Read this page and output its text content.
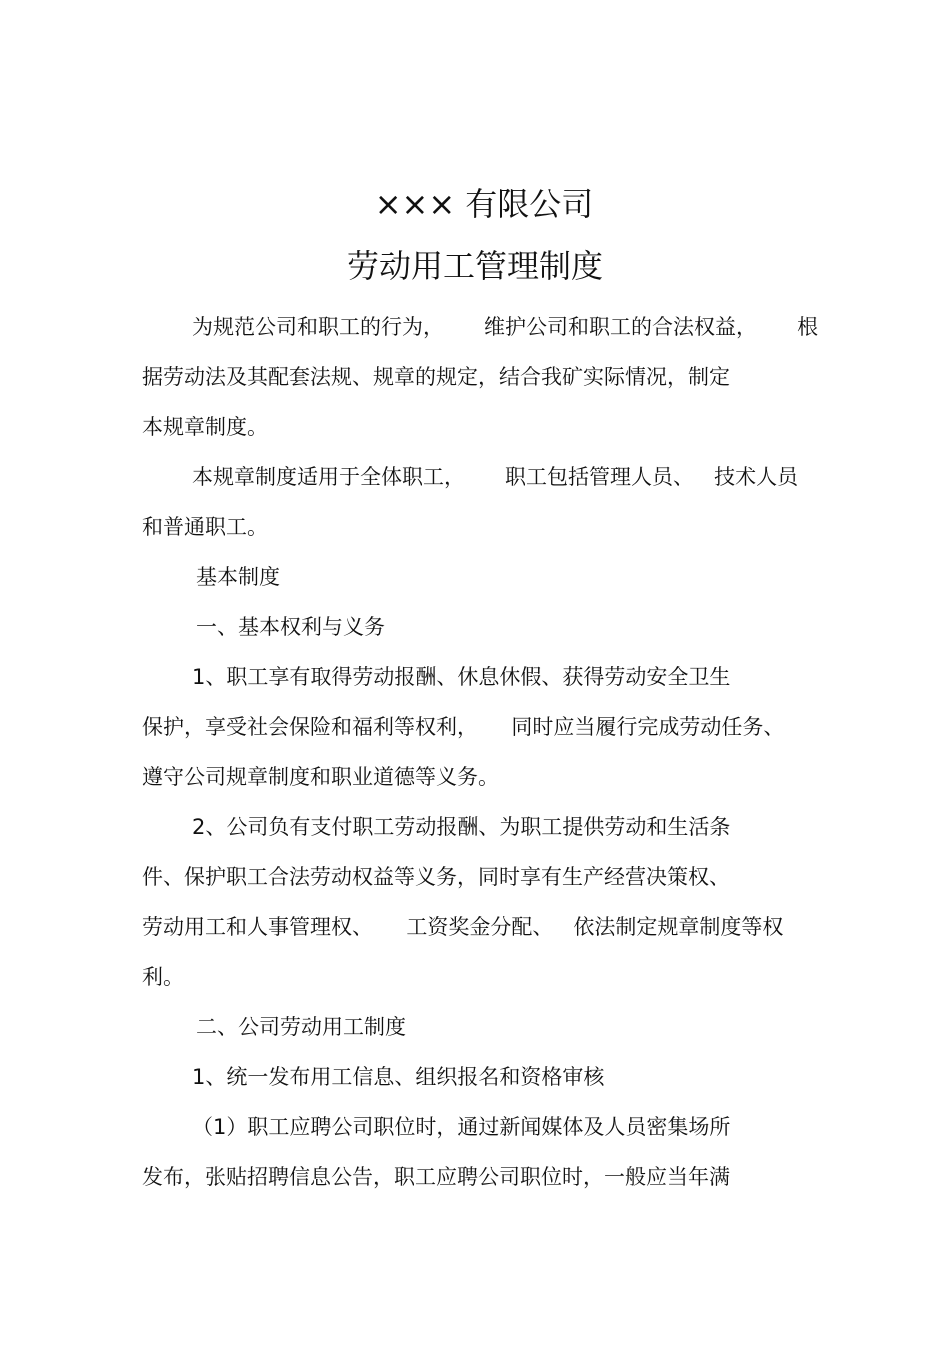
××× 有限公司
劳动用工管理制度
为规范公司和职工的行为，      维护公司和职工的合法权益，      根
据劳动法及其配套法规、规章的规定，结合我矿实际情况，制定
本规章制度。
本规章制度适用于全体职工，      职工包括管理人员、   技术人员
和普通职工。
基本制度
一、基本权利与义务
1、职工享有取得劳动报酬、休息休假、获得劳动安全卫生
保护，享受社会保险和福利等权利，     同时应当履行完成劳动任务、
遵守公司规章制度和职业道德等义务。
2、公司负有支付职工劳动报酬、为职工提供劳动和生活条
件、保护职工合法劳动权益等义务，同时享有生产经营决策权、
劳动用工和人事管理权、     工资奖金分配、   依法制定规章制度等权
利。
二、公司劳动用工制度
1、统一发布用工信息、组织报名和资格审核
（1）职工应聘公司职位时，通过新闻媒体及人员密集场所
发布，张贴招聘信息公告，职工应聘公司职位时，一般应当年满
